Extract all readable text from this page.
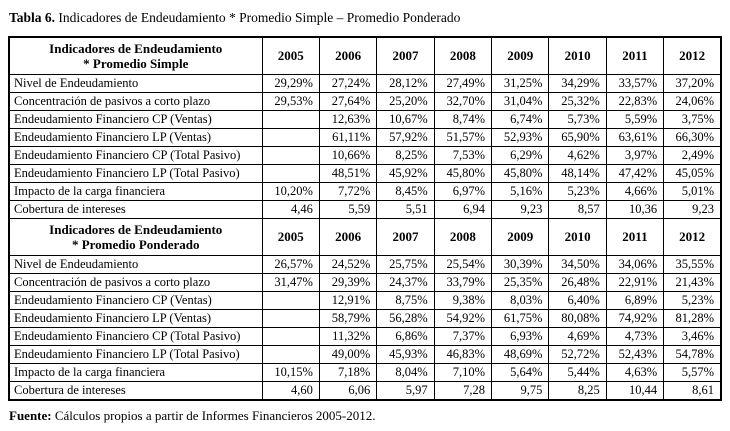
Tabla 6. Indicadores de Endeudamiento * Promedio Simple – Promedio Ponderado
Indicadores de Endeudamiento
* Promedio Simple	2005	2006	2007	2008	2009	2010	2011	2012
Nivel de Endeudamiento	29,29%	27,24%	28,12%	27,49%	31,25%	34,29%	33,57%	37,20%
Concentración de pasivos a corto plazo	29,53%	27,64%	25,20%	32,70%	31,04%	25,32%	22,83%	24,06%
Endeudamiento Financiero CP (Ventas)		12,63%	10,67%	8,74%	6,74%	5,73%	5,59%	3,75%
Endeudamiento Financiero LP (Ventas)		61,11%	57,92%	51,57%	52,93%	65,90%	63,61%	66,30%
Endeudamiento Financiero CP (Total Pasivo)		10,66%	8,25%	7,53%	6,29%	4,62%	3,97%	2,49%
Endeudamiento Financiero LP (Total Pasivo)		48,51%	45,92%	45,80%	45,80%	48,14%	47,42%	45,05%
Impacto de la carga financiera	10,20%	7,72%	8,45%	6,97%	5,16%	5,23%	4,66%	5,01%
Cobertura de intereses	4,46	5,59	5,51	6,94	9,23	8,57	10,36	9,23

Indicadores de Endeudamiento
* Promedio Ponderado	2005	2006	2007	2008	2009	2010	2011	2012
Nivel de Endeudamiento	26,57%	24,52%	25,75%	25,54%	30,39%	34,50%	34,06%	35,55%
Concentración de pasivos a corto plazo	31,47%	29,39%	24,37%	33,79%	25,35%	26,48%	22,91%	21,43%
Endeudamiento Financiero CP (Ventas)		12,91%	8,75%	9,38%	8,03%	6,40%	6,89%	5,23%
Endeudamiento Financiero LP (Ventas)		58,79%	56,28%	54,92%	61,75%	80,08%	74,92%	81,28%
Endeudamiento Financiero CP (Total Pasivo)		11,32%	6,86%	7,37%	6,93%	4,69%	4,73%	3,46%
Endeudamiento Financiero LP (Total Pasivo)		49,00%	45,93%	46,83%	48,69%	52,72%	52,43%	54,78%
Impacto de la carga financiera	10,15%	7,18%	8,04%	7,10%	5,64%	5,44%	4,63%	5,57%
Cobertura de intereses	4,60	6,06	5,97	7,28	9,75	8,25	10,44	8,61
Fuente: Cálculos propios a partir de Informes Financieros 2005-2012.
